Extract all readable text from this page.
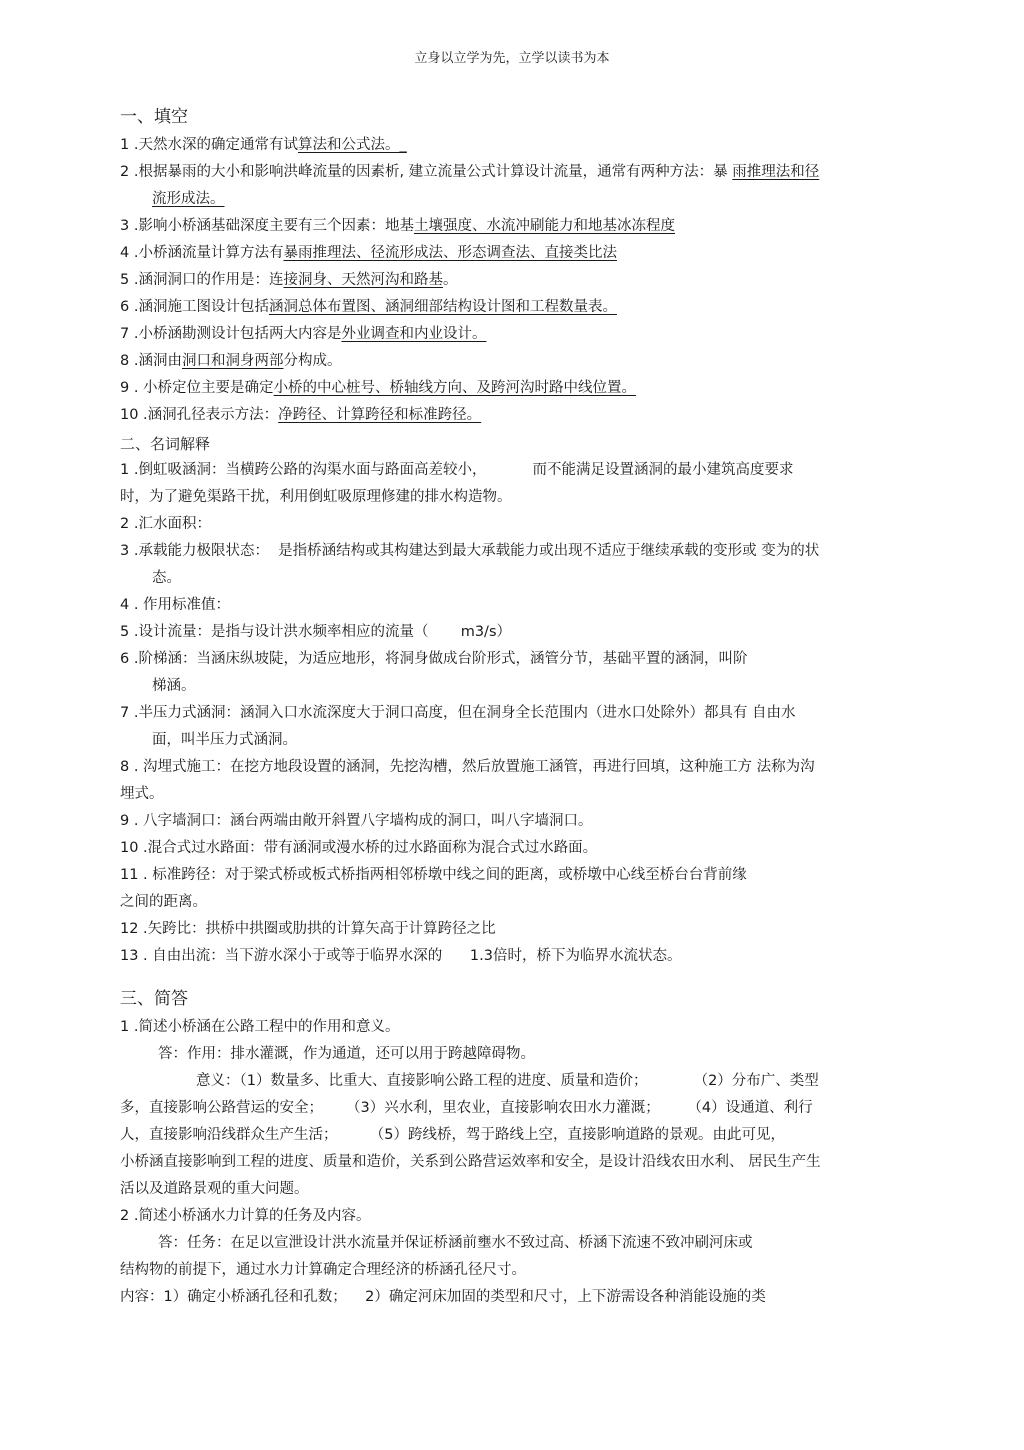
立身以立学为先，立学以读书为本
一、填空
1 .天然水深的确定通常有试算法和公式法。_
2 .根据暴雨的大小和影响洪峰流量的因素析, 建立流量公式计算设计流量，通常有两种方法：暴 雨推理法和径
流形成法。
3 .影响小桥涵基础深度主要有三个因素：地基土壤强度、水流冲刷能力和地基冰冻程度
4 .小桥涵流量计算方法有暴雨推理法、径流形成法、形态调查法、直接类比法
5 .涵洞洞口的作用是：连接洞身、天然河沟和路基。
6 .涵洞施工图设计包括涵洞总体布置图、涵洞细部结构设计图和工程数量表。
7 .小桥涵勘测设计包括两大内容是外业调查和内业设计。
8 .涵洞由洞口和洞身两部分构成。
9 . 小桥定位主要是确定小桥的中心桩号、桥轴线方向、及跨河沟时路中线位置。
10 .涵洞孔径表示方法：净跨径、计算跨径和标准跨径。
二、名词解释
1 .倒虹吸涵洞：当横跨公路的沟渠水面与路面高差较小，          而不能满足设置涵洞的最小建筑高度要求
时，为了避免渠路干扰，利用倒虹吸原理修建的排水构造物。
2 .汇水面积：
3 .承载能力极限状态：  是指桥涵结构或其构建达到最大承载能力或出现不适应于继续承载的变形或 变为的状
态。
4 . 作用标准值：
5 .设计流量：是指与设计洪水频率相应的流量（       m3/s）
6 .阶梯涵：当涵床纵坡陡，为适应地形，将洞身做成台阶形式，涵管分节，基础平置的涵洞，叫阶
梯涵。
7 .半压力式涵洞：涵洞入口水流深度大于洞口高度，但在洞身全长范围内（进水口处除外）都具有 自由水
面，叫半压力式涵洞。
8 . 沟埋式施工：在挖方地段设置的涵洞，先挖沟槽，然后放置施工涵管，再进行回填，这种施工方 法称为沟
埋式。
9 . 八字墙洞口：涵台两端由敞开斜置八字墙构成的洞口，叫八字墙洞口。
10 .混合式过水路面：带有涵洞或漫水桥的过水路面称为混合式过水路面。
11 . 标准跨径：对于梁式桥或板式桥指两相邻桥墩中线之间的距离，或桥墩中心线至桥台台背前缘
之间的距离。
12 .矢跨比：拱桥中拱圈或肋拱的计算矢高于计算跨径之比
13 . 自由出流：当下游水深小于或等于临界水深的      1.3倍时，桥下为临界水流状态。
三、简答
1 .简述小桥涵在公路工程中的作用和意义。
答：作用：排水灌溉，作为通道，还可以用于跨越障碍物。
意义：（1）数量多、比重大、直接影响公路工程的进度、质量和造价；          （2）分布广、类型
多，直接影响公路营运的安全；     （3）兴水利，里农业，直接影响农田水力灌溉；      （4）设通道、利行
人，直接影响沿线群众生产生活；       （5）跨线桥，驾于路线上空，直接影响道路的景观。由此可见，
小桥涵直接影响到工程的进度、质量和造价，关系到公路营运效率和安全，是设计沿线农田水利、 居民生产生
活以及道路景观的重大问题。
2 .简述小桥涵水力计算的任务及内容。
答：任务：在足以宣泄设计洪水流量并保证桥涵前壅水不致过高、桥涵下流速不致冲刷河床或
结构物的前提下，通过水力计算确定合理经济的桥涵孔径尺寸。
内容：1）确定小桥涵孔径和孔数；    2）确定河床加固的类型和尺寸，上下游需设各种消能设施的类
